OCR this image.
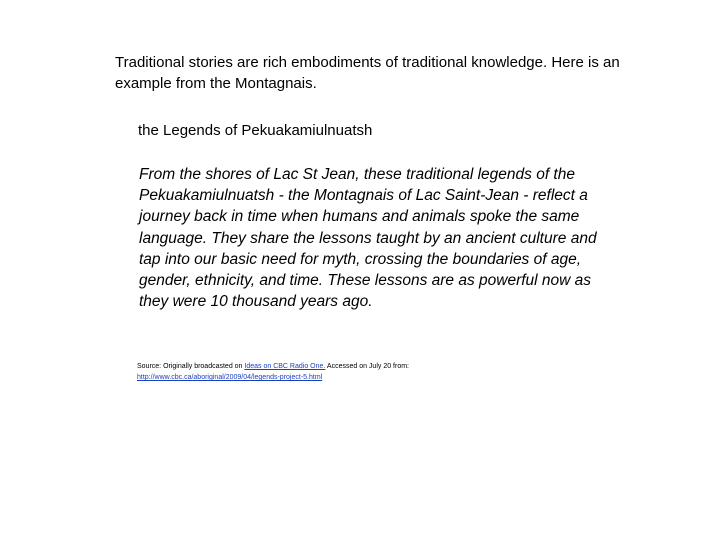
Traditional stories are rich embodiments of traditional knowledge. Here is an example from the Montagnais.
the Legends of Pekuakamiulnuatsh
From the shores of Lac St Jean, these traditional legends of the Pekuakamiulnuatsh - the Montagnais of Lac Saint-Jean - reflect a journey back in time when humans and animals spoke the same language. They share the lessons taught by an ancient culture and tap into our basic need for myth, crossing the boundaries of age, gender, ethnicity, and time. These lessons are as powerful now as they were 10 thousand years ago.
Source: Originally broadcasted on Ideas on CBC Radio One. Accessed on July 20 from:
http://www.cbc.ca/aboriginal/2009/04/legends-project-5.html
